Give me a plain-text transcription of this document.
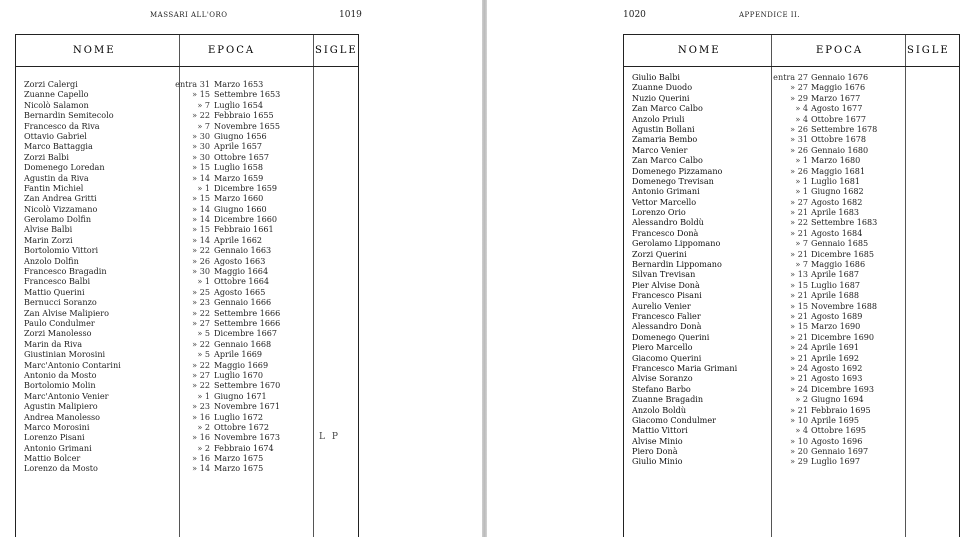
MASSARI ALL'ORO	1019
NOME	EPOCA	SIGLE
Zorzi Calergi	entra 31 Marzo 1653
Zuanne Capello	» 15 Settembre 1653
Nicolò Salamon	» 7 Luglio 1654
Bernardin Semitecolo	» 22 Febbraio 1655
Francesco da Riva	» 7 Novembre 1655
Ottavio Gabriel	» 30 Giugno 1656
Marco Battaggia	» 30 Aprile 1657
Zorzi Balbi	» 30 Ottobre 1657
Domenego Loredan	» 15 Luglio 1658
Agustin da Riva	» 14 Marzo 1659
Fantin Michiel	» 1 Dicembre 1659
Zan Andrea Gritti	» 15 Marzo 1660
Nicolò Vizzamano	» 14 Giugno 1660
Gerolamo Dolfin	» 14 Dicembre 1660
Alvise Balbi	» 15 Febbraio 1661
Marin Zorzi	» 14 Aprile 1662
Bortolomio Vittori	» 22 Gennaio 1663
Anzolo Dolfin	» 26 Agosto 1663
Francesco Bragadin	» 30 Maggio 1664
Francesco Balbi	» 1 Ottobre 1664
Mattio Querini	» 25 Agosto 1665
Bernucci Soranzo	» 23 Gennaio 1666
Zan Alvise Malipiero	» 22 Settembre 1666
Paulo Condulmer	» 27 Settembre 1666
Zorzi Manolesso	» 5 Dicembre 1667
Marin da Riva	» 22 Gennaio 1668
Giustinian Morosini	» 5 Aprile 1669
Marc'Antonio Contarini	» 22 Maggio 1669
Antonio da Mosto	» 27 Luglio 1670
Bortolomio Molin	» 22 Settembre 1670
Marc'Antonio Venier	» 1 Giugno 1671
Agustin Malipiero	» 23 Novembre 1671
Andrea Manolesso	» 16 Luglio 1672
Marco Morosini	» 2 Ottobre 1672
Lorenzo Pisani	» 16 Novembre 1673	L P
Antonio Grimani	» 2 Febbraio 1674
Mattio Bolcer	» 16 Marzo 1675
Lorenzo da Mosto	» 14 Marzo 1675
1020	APPENDICE II.
NOME	EPOCA	SIGLE
Giulio Balbi	entra 27 Gennaio 1676
Zuanne Duodo	» 27 Maggio 1676
Nuzio Querini	» 29 Marzo 1677
Zan Marco Calbo	» 4 Agosto 1677
Anzolo Priuli	» 4 Ottobre 1677
Agustin Bollani	» 26 Settembre 1678
Zamaria Bembo	» 31 Ottobre 1678
Marco Venier	» 26 Gennaio 1680
Zan Marco Calbo	» 1 Marzo 1680
Domenego Pizzamano	» 26 Maggio 1681
Domenego Trevisan	» 1 Luglio 1681
Antonio Grimani	» 1 Giugno 1682
Vettor Marcello	» 27 Agosto 1682
Lorenzo Orio	» 21 Aprile 1683
Alessandro Boldù	» 22 Settembre 1683
Francesco Donà	» 21 Agosto 1684
Gerolamo Lippomano	» 7 Gennaio 1685
Zorzi Querini	» 21 Dicembre 1685
Bernardin Lippomano	» 7 Maggio 1686
Silvan Trevisan	» 13 Aprile 1687
Pier Alvise Donà	» 15 Luglio 1687
Francesco Pisani	» 21 Aprile 1688
Aurelio Venier	» 15 Novembre 1688
Francesco Falier	» 21 Agosto 1689
Alessandro Donà	» 15 Marzo 1690
Domenego Querini	» 21 Dicembre 1690
Piero Marcello	» 24 Aprile 1691
Giacomo Querini	» 21 Aprile 1692
Francesco Maria Grimani	» 24 Agosto 1692
Alvise Soranzo	» 21 Agosto 1693
Stefano Barbo	» 24 Dicembre 1693
Zuanne Bragadin	» 2 Giugno 1694
Anzolo Boldù	» 21 Febbraio 1695
Giacomo Condulmer	» 10 Aprile 1695
Mattio Vittori	» 4 Ottobre 1695
Alvise Minio	» 10 Agosto 1696
Piero Donà	» 20 Gennaio 1697
Giulio Minio	» 29 Luglio 1697
